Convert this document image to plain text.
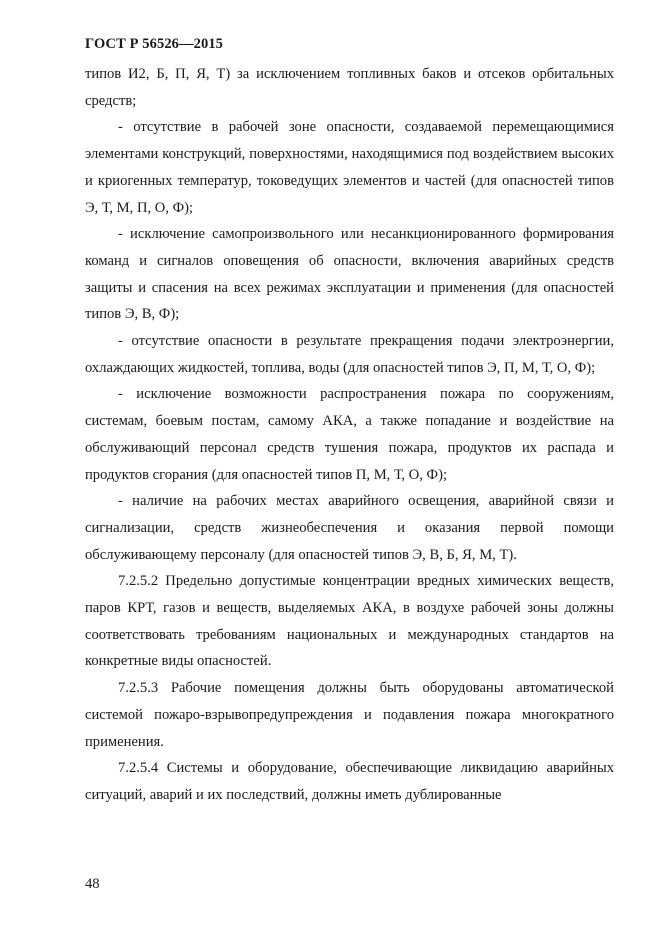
ГОСТ Р 56526—2015

типов И2, Б, П, Я, Т) за исключением топливных баков и отсеков орбитальных средств;

- отсутствие в рабочей зоне опасности, создаваемой перемещающимися элементами конструкций, поверхностями, находящимися под воздействием высоких и криогенных температур, токоведущих элементов и частей (для опасностей типов Э, Т, М, П, О, Ф);

- исключение самопроизвольного или несанкционированного формирования команд и сигналов оповещения об опасности, включения аварийных средств защиты и спасения на всех режимах эксплуатации и применения (для опасностей типов Э, В, Ф);

- отсутствие опасности в результате прекращения подачи электроэнергии, охлаждающих жидкостей, топлива, воды (для опасностей типов Э, П, М, Т, О, Ф);

- исключение возможности распространения пожара по сооружениям, системам, боевым постам, самому АКА, а также попадание и воздействие на обслуживающий персонал средств тушения пожара, продуктов их распада и продуктов сгорания (для опасностей типов П, М, Т, О, Ф);

- наличие на рабочих местах аварийного освещения, аварийной связи и сигнализации, средств жизнеобеспечения и оказания первой помощи обслуживающему персоналу (для опасностей типов Э, В, Б, Я, М, Т).

7.2.5.2 Предельно допустимые концентрации вредных химических веществ, паров КРТ, газов и веществ, выделяемых АКА, в воздухе рабочей зоны должны соответствовать требованиям национальных и международных стандартов на конкретные виды опасностей.

7.2.5.3 Рабочие помещения должны быть оборудованы автоматической системой пожаро-взрывопредупреждения и подавления пожара многократного применения.

7.2.5.4 Системы и оборудование, обеспечивающие ликвидацию аварийных ситуаций, аварий и их последствий, должны иметь дублированные

48
